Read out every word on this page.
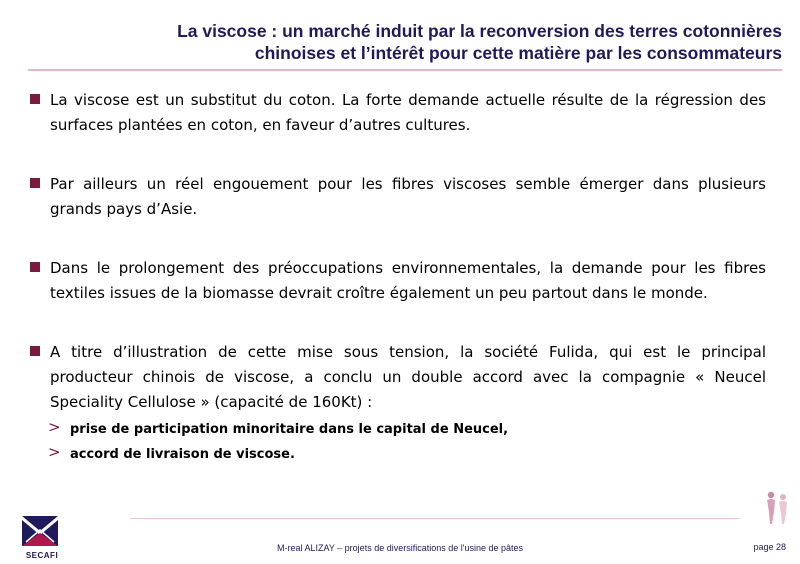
La viscose : un marché induit par la reconversion des terres cotonnières
chinoises et l’intérêt pour cette matière par les consommateurs
La viscose est un substitut du coton. La forte demande actuelle résulte de la régression des surfaces plantées en coton, en faveur d’autres cultures.
Par ailleurs un réel engouement pour les fibres viscoses semble émerger dans plusieurs grands pays d’Asie.
Dans le prolongement des préoccupations environnementales, la demande pour les fibres textiles issues de la biomasse devrait croître également un peu partout dans le monde.
A titre d’illustration de cette mise sous tension, la société Fulida, qui est le principal producteur chinois de viscose, a conclu un double accord avec la compagnie « Neucel Speciality Cellulose » (capacité de 160Kt) :
> prise de participation minoritaire dans le capital de Neucel,
> accord de livraison de viscose.
SECAFI
M-real ALIZAY – projets de diversifications de l'usine de pâtes	page 28
